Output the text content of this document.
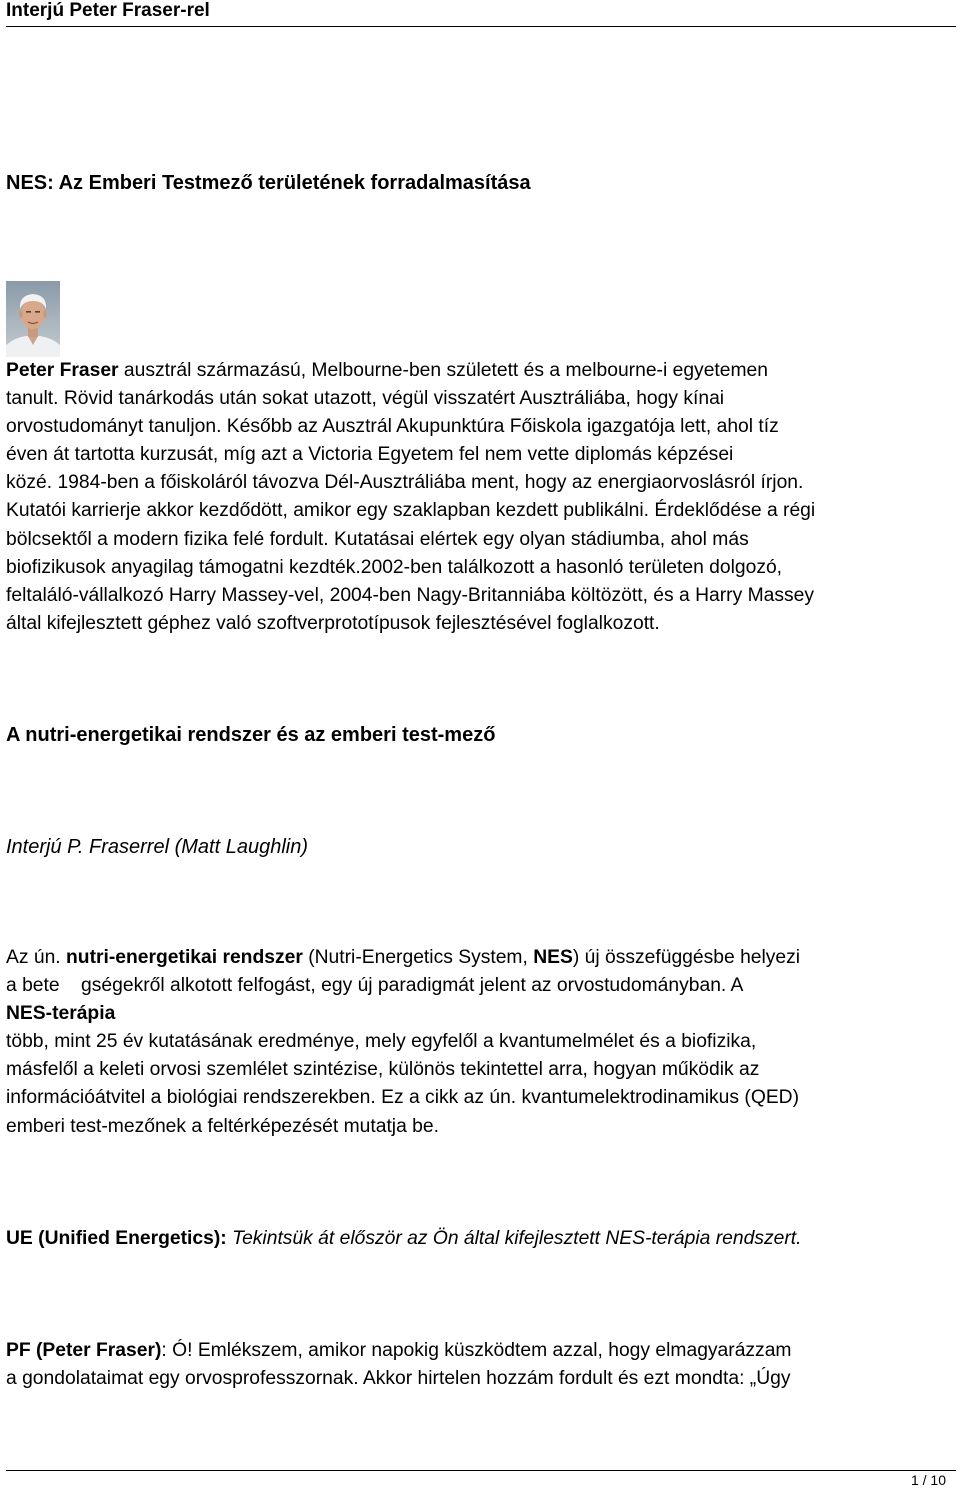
Interjú Peter Fraser-rel
NES: Az Emberi Testmező területének forradalmasítása

Peter Fraser ausztrál származású, Melbourne-ben született és a melbourne-i egyetemen
tanult. Rövid tanárkodás után sokat utazott, végül visszatért Ausztráliába, hogy kínai
orvostudományt tanuljon. Később az Ausztrál Akupunktúra Főiskola igazgatója lett, ahol tíz
éven át tartotta kurzusát, míg azt a Victoria Egyetem fel nem vette diplomás képzései
közé. 1984-ben a főiskoláról távozva Dél-Ausztráliába ment, hogy az energiaorvoslásról írjon.
Kutatói karrierje akkor kezdődött, amikor egy szaklapban kezdett publikálni. Érdeklődése a régi
bölcsektől a modern fizika felé fordult. Kutatásai elértek egy olyan stádiumba, ahol más
biofizikusok anyagilag támogatni kezdték.2002-ben találkozott a hasonló területen dolgozó,
feltaláló-vállalkozó Harry Massey-vel, 2004-ben Nagy-Britanniába költözött, és a Harry Massey
által kifejlesztett géphez való szoftverprototípusok fejlesztésével foglalkozott.

A nutri-energetikai rendszer és az emberi test-mező

Interjú P. Fraserrel (Matt Laughlin)

Az ún. nutri-energetikai rendszer (Nutri-Energetics System, NES) új összefüggésbe helyezi
a bete    gségekről alkotott felfogást, egy új paradigmát jelent az orvostudományban. A
NES-terápia
több, mint 25 év kutatásának eredménye, mely egyfelől a kvantumelmélet és a biofizika,
másfelől a keleti orvosi szemlélet szintézise, különös tekintettel arra, hogyan működik az
információátvitel a biológiai rendszerekben. Ez a cikk az ún. kvantumelektrodinamikus (QED)
emberi test-mezőnek a feltérképezését mutatja be.

UE (Unified Energetics): Tekintsük át először az Ön által kifejlesztett NES-terápia rendszert.

PF (Peter Fraser): Ó! Emlékszem, amikor napokig küszködtem azzal, hogy elmagyarázzam
a gondolataimat egy orvosprofesszornak. Akkor hirtelen hozzám fordult és ezt mondta: „Úgy

1 / 10
